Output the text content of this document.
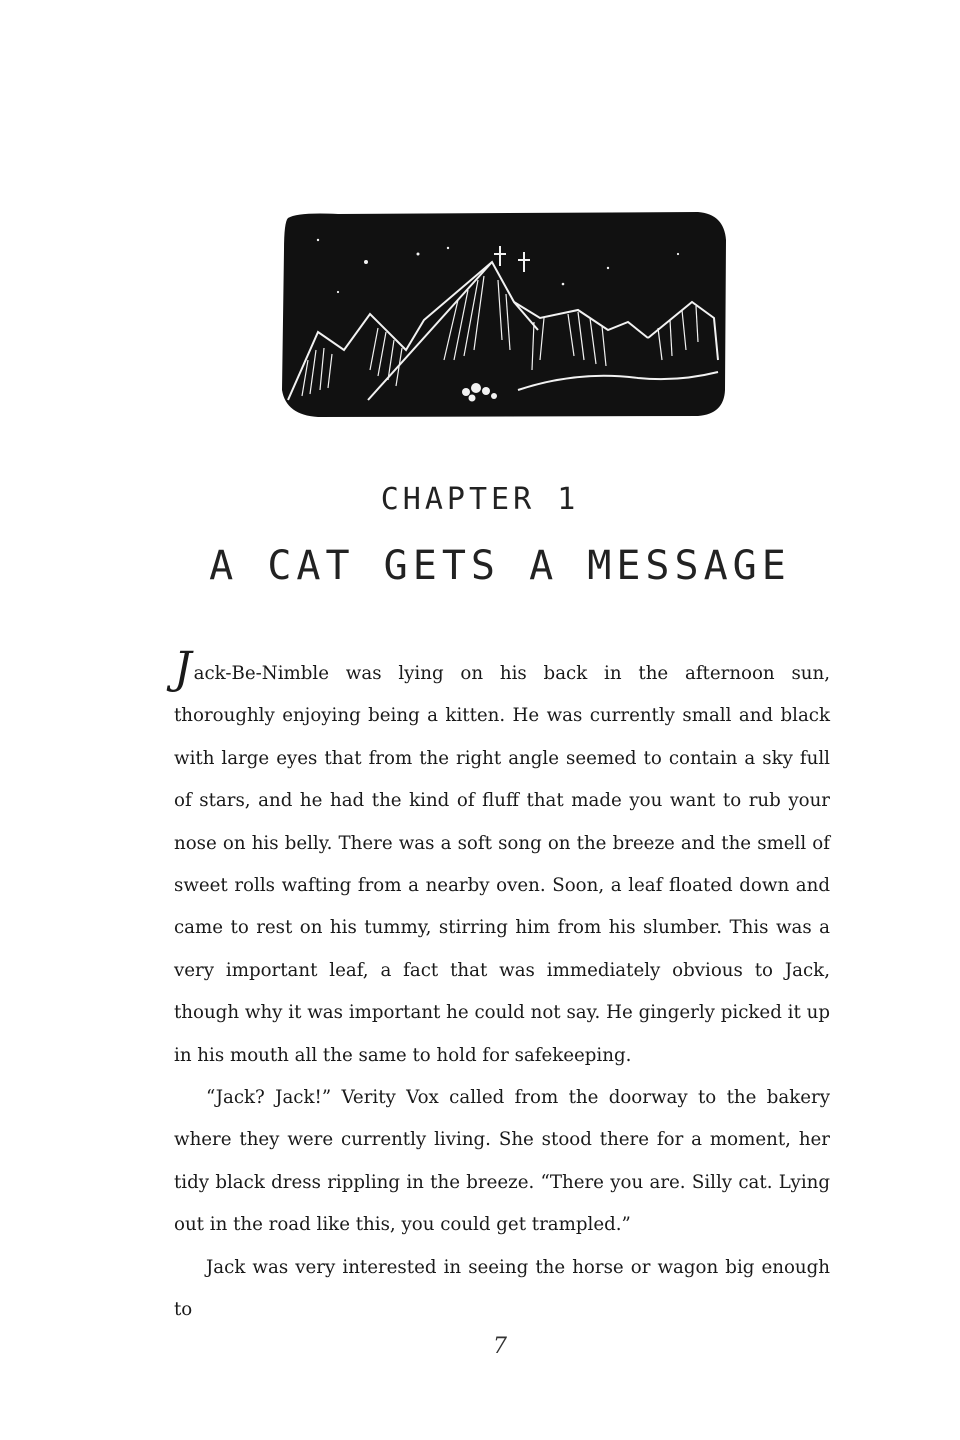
CHAPTER 1
A CAT GETS A MESSAGE

Jack-Be-Nimble was lying on his back in the afternoon sun, thoroughly enjoying being a kitten. He was currently small and black with large eyes that from the right angle seemed to contain a sky full of stars, and he had the kind of fluff that made you want to rub your nose on his belly. There was a soft song on the breeze and the smell of sweet rolls wafting from a nearby oven. Soon, a leaf floated down and came to rest on his tummy, stirring him from his slumber. This was a very important leaf, a fact that was immediately obvious to Jack, though why it was important he could not say. He gingerly picked it up in his mouth all the same to hold for safekeeping.

“Jack? Jack!” Verity Vox called from the doorway to the bakery where they were currently living. She stood there for a moment, her tidy black dress rippling in the breeze. “There you are. Silly cat. Lying out in the road like this, you could get trampled.”

Jack was very interested in seeing the horse or wagon big enough to

7
